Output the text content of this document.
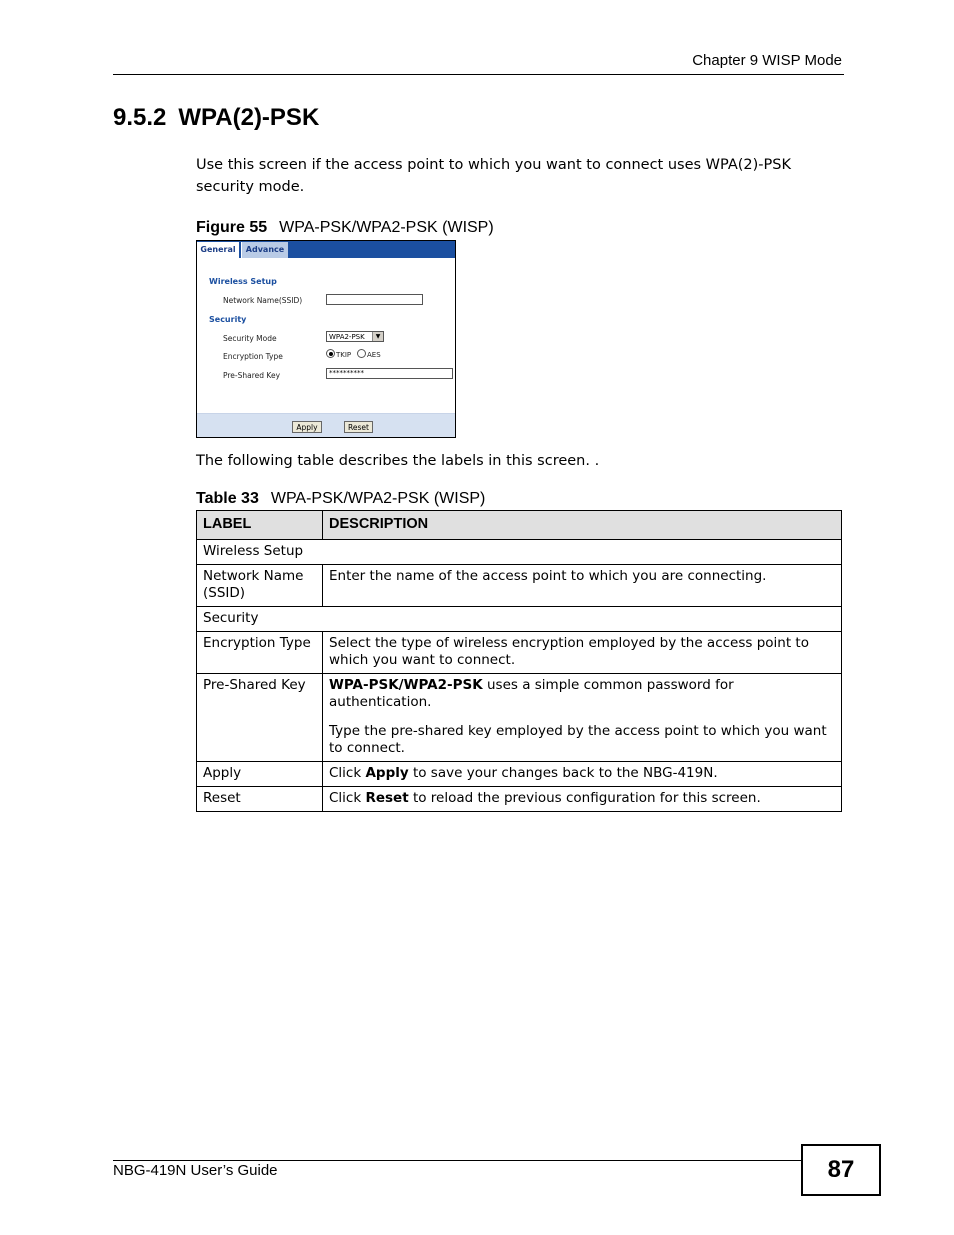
Chapter 9 WISP Mode
9.5.2 WPA(2)-PSK

Use this screen if the access point to which you want to connect uses WPA(2)-PSK security mode.

Figure 55 WPA-PSK/WPA2-PSK (WISP)
General	Advance
Wireless Setup
Network Name(SSID)
Security
Security Mode	WPA2-PSK	▼
Encryption Type	TKIP AES
Pre-Shared Key	**********
Apply	Reset

The following table describes the labels in this screen. .

Table 33 WPA-PSK/WPA2-PSK (WISP)
LABEL	DESCRIPTION
Wireless Setup	
Network Name (SSID)	Enter the name of the access point to which you are connecting.
Security	
Encryption Type	Select the type of wireless encryption employed by the access point to which you want to connect.
Pre-Shared Key	WPA-PSK/WPA2-PSK uses a simple common password for authentication.

Type the pre-shared key employed by the access point to which you want to connect.

Apply	Click Apply to save your changes back to the NBG-419N.
Reset	Click Reset to reload the previous configuration for this screen.
NBG-419N User’s Guide	87
